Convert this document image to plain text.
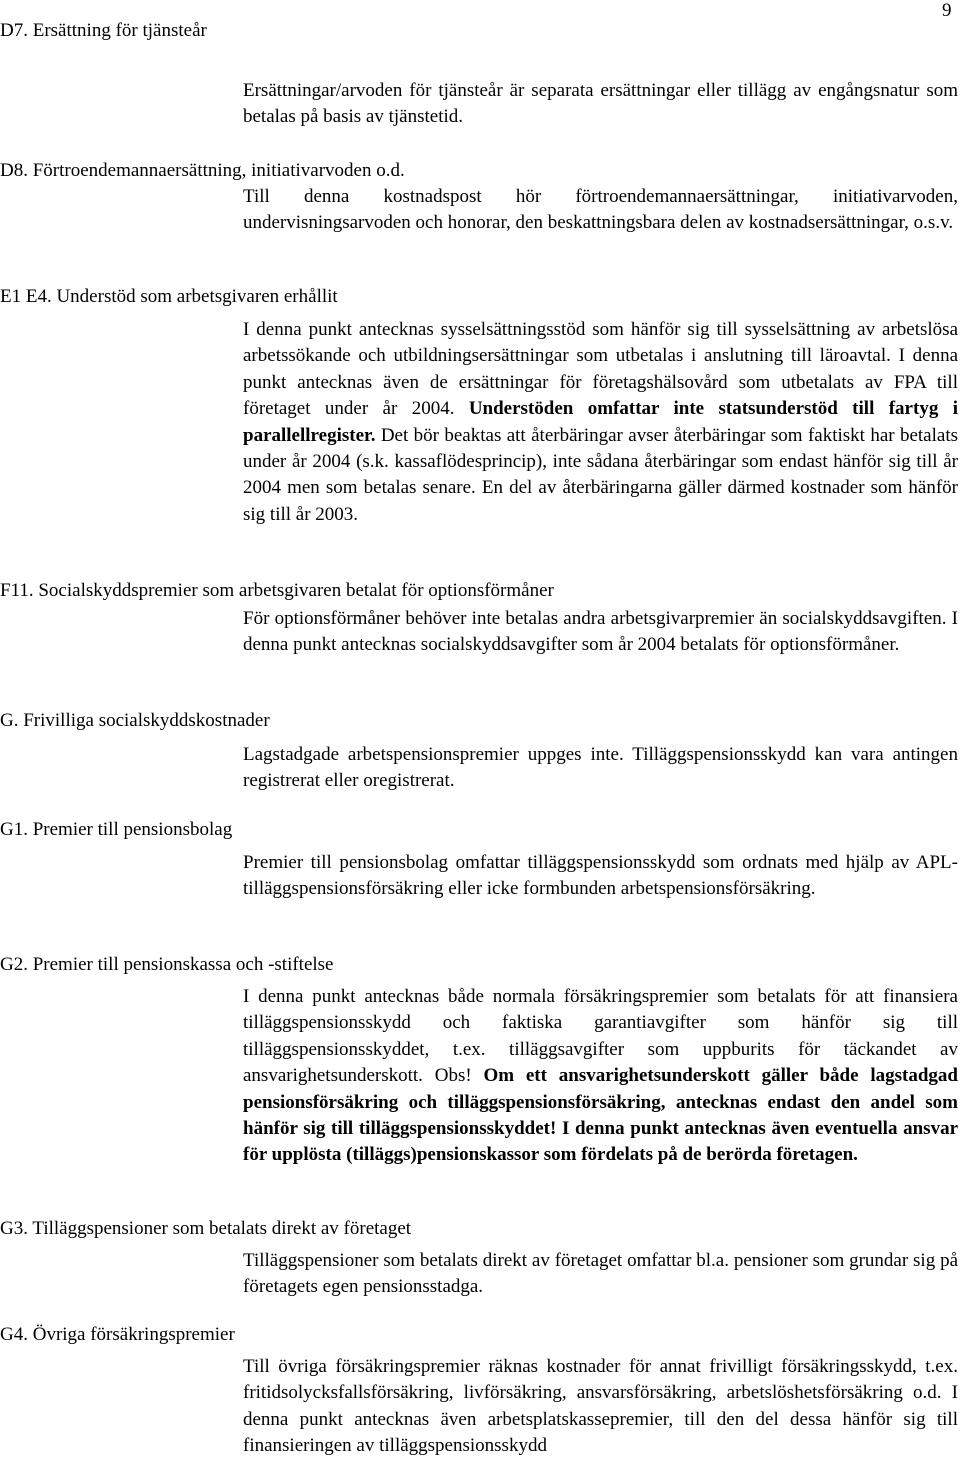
9
D7. Ersättning för tjänsteår

Ersättningar/arvoden för tjänsteår är separata ersättningar eller tillägg av engångsnatur som betalas på basis av tjänstetid.

D8. Förtroendemannaersättning, initiativarvoden o.d.

Till denna kostnadspost hör förtroendemannaersättningar, initiativarvoden, undervisningsarvoden och honorar, den beskattningsbara delen av kostnadsersättningar, o.s.v.

E1 E4. Understöd som arbetsgivaren erhållit

I denna punkt antecknas sysselsättningsstöd som hänför sig till sysselsättning av arbetslösa arbetssökande och utbildningsersättningar som utbetalas i anslutning till läroavtal. I denna punkt antecknas även de ersättningar för företagshälsovård som utbetalats av FPA till företaget under år 2004. Understöden omfattar inte statsunderstöd till fartyg i parallellregister. Det bör beaktas att återbäringar avser återbäringar som faktiskt har betalats under år 2004 (s.k. kassaflödesprincip), inte sådana återbäringar som endast hänför sig till år 2004 men som betalas senare. En del av återbäringarna gäller därmed kostnader som hänför sig till år 2003.

F11. Socialskyddspremier som arbetsgivaren betalat för optionsförmåner

För optionsförmåner behöver inte betalas andra arbetsgivarpremier än socialskyddsavgiften. I denna punkt antecknas socialskyddsavgifter som år 2004 betalats för optionsförmåner.

G. Frivilliga socialskyddskostnader

Lagstadgade arbetspensionspremier uppges inte. Tilläggspensionsskydd kan vara antingen registrerat eller oregistrerat.

G1. Premier till pensionsbolag

Premier till pensionsbolag omfattar tilläggspensionsskydd som ordnats med hjälp av APL-tilläggspensionsförsäkring eller icke formbunden arbetspensionsförsäkring.

G2. Premier till pensionskassa och -stiftelse

I denna punkt antecknas både normala försäkringspremier som betalats för att finansiera tilläggspensionsskydd och faktiska garantiavgifter som hänför sig till tilläggspensionsskyddet, t.ex. tilläggsavgifter som uppburits för täckandet av ansvarighetsunderskott. Obs! Om ett ansvarighetsunderskott gäller både lagstadgad pensionsförsäkring och tilläggspensionsförsäkring, antecknas endast den andel som hänför sig till tilläggspensionsskyddet! I denna punkt antecknas även eventuella ansvar för upplösta (tilläggs)pensionskassor som fördelats på de berörda företagen.

G3. Tilläggspensioner som betalats direkt av företaget

Tilläggspensioner som betalats direkt av företaget omfattar bl.a. pensioner som grundar sig på företagets egen pensionsstadga.

G4. Övriga försäkringspremier

Till övriga försäkringspremier räknas kostnader för annat frivilligt försäkringsskydd, t.ex. fritidsolycksfallsförsäkring, livförsäkring, ansvarsförsäkring, arbetslöshetsförsäkring o.d. I denna punkt antecknas även arbetsplatskassepremier, till den del dessa hänför sig till finansieringen av tilläggspensionsskydd
